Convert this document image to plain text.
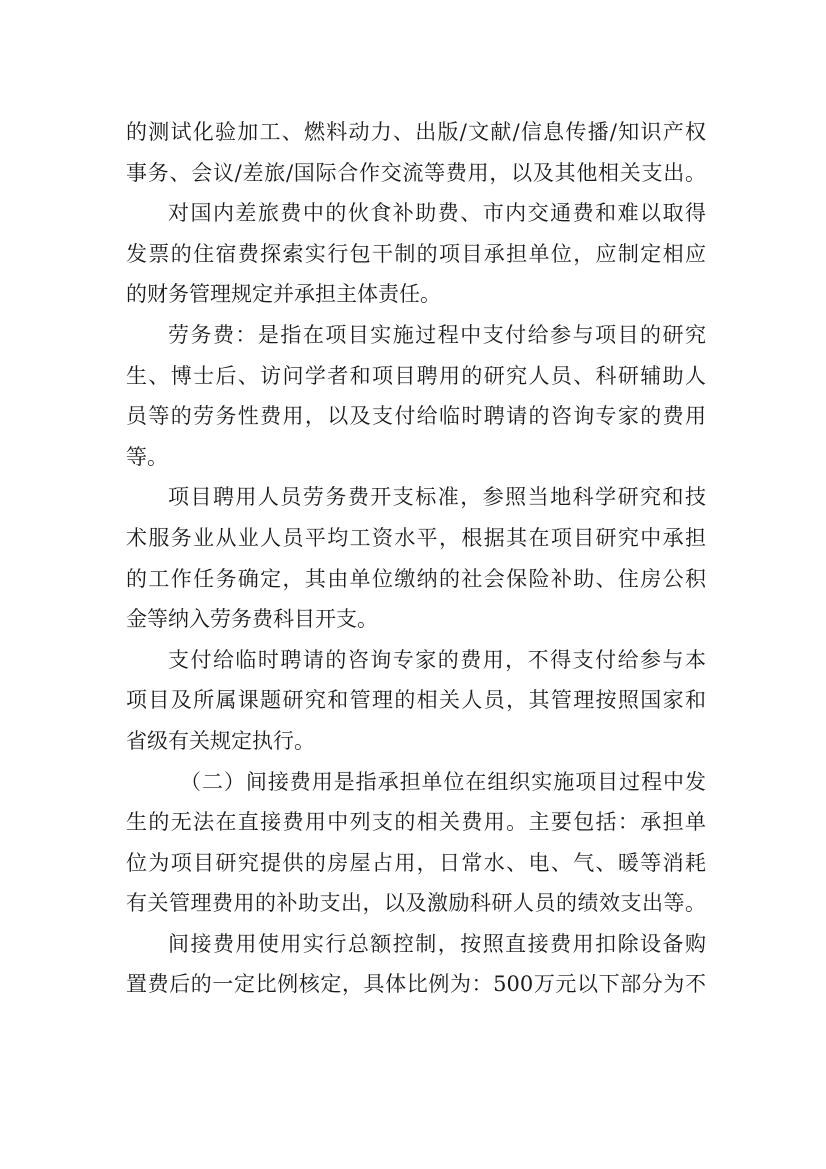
的测试化验加工、燃料动力、出版/文献/信息传播/知识产权
事务、会议/差旅/国际合作交流等费用，以及其他相关支出。
对国内差旅费中的伙食补助费、市内交通费和难以取得
发票的住宿费探索实行包干制的项目承担单位，应制定相应
的财务管理规定并承担主体责任。
劳务费：是指在项目实施过程中支付给参与项目的研究
生、博士后、访问学者和项目聘用的研究人员、科研辅助人
员等的劳务性费用，以及支付给临时聘请的咨询专家的费用
等。
项目聘用人员劳务费开支标准，参照当地科学研究和技
术服务业从业人员平均工资水平，根据其在项目研究中承担
的工作任务确定，其由单位缴纳的社会保险补助、住房公积
金等纳入劳务费科目开支。
支付给临时聘请的咨询专家的费用，不得支付给参与本
项目及所属课题研究和管理的相关人员，其管理按照国家和
省级有关规定执行。
（二）间接费用是指承担单位在组织实施项目过程中发
生的无法在直接费用中列支的相关费用。主要包括：承担单
位为项目研究提供的房屋占用，日常水、电、气、暖等消耗
有关管理费用的补助支出，以及激励科研人员的绩效支出等。
间接费用使用实行总额控制，按照直接费用扣除设备购
置费后的一定比例核定，具体比例为：500万元以下部分为不
